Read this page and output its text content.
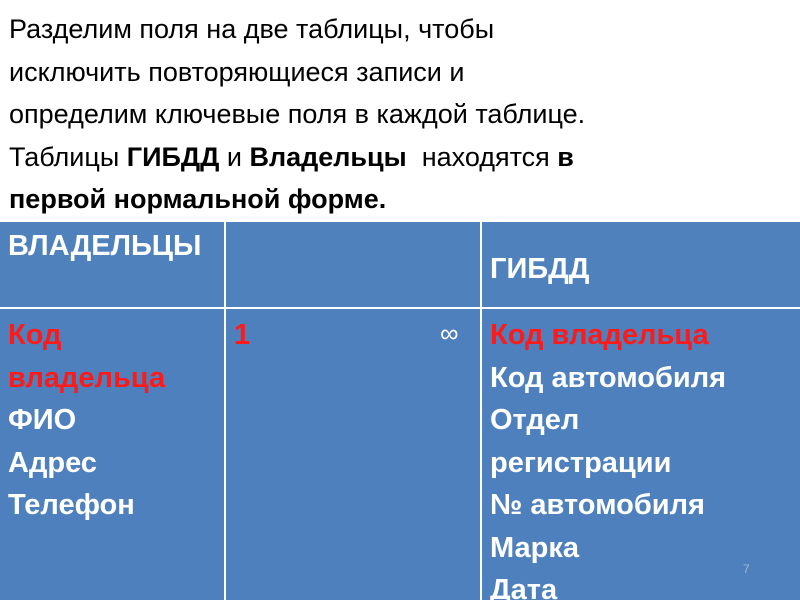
Разделим поля на две таблицы, чтобы
исключить повторяющиеся записи и
определим ключевые поля в каждой таблице.
Таблицы ГИБДД и Владельцы  находятся в
первой нормальной форме.
ВЛАДЕЛЬЦЫ
ГИБДД
Код владельца
ФИО
Адрес
Телефон
1	∞ Код владельца
Код автомобиля
Отдел регистрации
№ автомобиля
Марка
Дата
7
